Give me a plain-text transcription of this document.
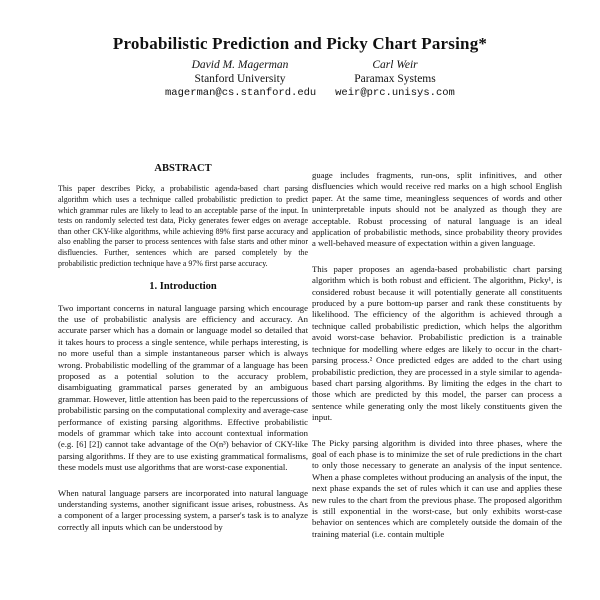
Probabilistic Prediction and Picky Chart Parsing*
David M. Magerman
Stanford University
magerman@cs.stanford.edu
Carl Weir
Paramax Systems
weir@prc.unisys.com
ABSTRACT

This paper describes Picky, a probabilistic agenda-based chart parsing algorithm which uses a technique called probabilistic prediction to predict which grammar rules are likely to lead to an acceptable parse of the input. In tests on randomly selected test data, Picky generates fewer edges on average than other CKY-like algorithms, while achieving 89% first parse accuracy and also enabling the parser to process sentences with false starts and other minor disfluencies. Further, sentences which are parsed completely by the probabilistic prediction technique have a 97% first parse accuracy.

1. Introduction

Two important concerns in natural language parsing which encourage the use of probabilistic analysis are efficiency and accuracy. An accurate parser which has a domain or language model so detailed that it takes hours to process a single sentence, while perhaps interesting, is no more useful than a simple instantaneous parser which is always wrong. Probabilistic modelling of the grammar of a language has been proposed as a potential solution to the accuracy problem, disambiguating grammatical parses generated by an ambiguous grammar. However, little attention has been paid to the repercussions of probabilistic parsing on the computational complexity and average-case performance of existing parsing algorithms. Effective probabilistic models of grammar which take into account contextual information (e.g. [6] [2]) cannot take advantage of the O(n³) behavior of CKY-like parsing algorithms. If they are to use existing grammatical formalisms, these models must use algorithms that are worst-case exponential.

When natural language parsers are incorporated into natural language understanding systems, another significant issue arises, robustness. As a component of a larger processing system, a parser's task is to analyze correctly all inputs which can be understood by

guage includes fragments, run-ons, split infinitives, and other disfluencies which would receive red marks on a high school English paper. At the same time, meaningless sequences of words and other uninterpretable inputs should not be analyzed as though they are acceptable. Robust processing of natural language is an ideal application of probabilistic methods, since probability theory provides a well-behaved measure of expectation within a given language.

This paper proposes an agenda-based probabilistic chart parsing algorithm which is both robust and efficient. The algorithm, Picky¹, is considered robust because it will potentially generate all constituents produced by a pure bottom-up parser and rank these constituents by likelihood. The efficiency of the algorithm is achieved through a technique called probabilistic prediction, which helps the algorithm avoid worst-case behavior. Probabilistic prediction is a trainable technique for modelling where edges are likely to occur in the chart-parsing process.² Once predicted edges are added to the chart using probabilistic prediction, they are processed in a style similar to agenda-based chart parsing algorithms. By limiting the edges in the chart to those which are predicted by this model, the parser can process a sentence while generating only the most likely constituents given the input.

The Picky parsing algorithm is divided into three phases, where the goal of each phase is to minimize the set of rule predictions in the chart to only those necessary to generate an analysis of the input sentence. When a phase completes without producing an analysis of the input, the next phase expands the set of rules which it can use and applies these new rules to the chart from the previous phase. The proposed algorithm is still exponential in the worst-case, but only exhibits worst-case behavior on sentences which are completely outside the domain of the training material (i.e. contain multiple
